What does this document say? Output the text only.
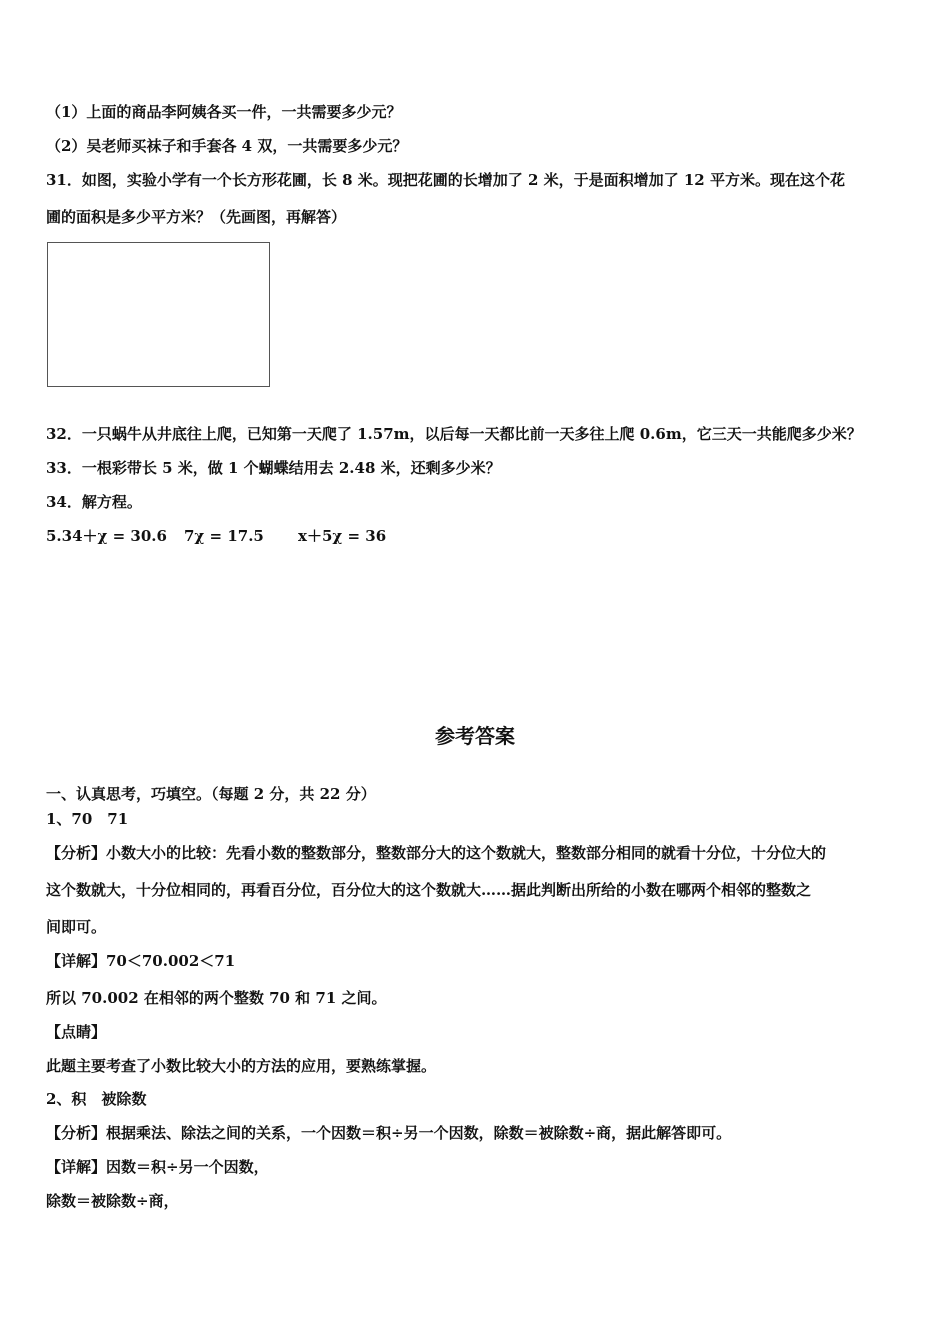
（1）上面的商品李阿姨各买一件，一共需要多少元？
（2）吴老师买袜子和手套各 4 双，一共需要多少元？
31．如图，实验小学有一个长方形花圃，长 8 米。现把花圃的长增加了 2 米，于是面积增加了 12 平方米。现在这个花
圃的面积是多少平方米？（先画图，再解答）
32．一只蜗牛从井底往上爬，已知第一天爬了 1.57m，以后每一天都比前一天多往上爬 0.6m，它三天一共能爬多少米？
33．一根彩带长 5 米，做 1 个蝴蝶结用去 2.48 米，还剩多少米？
34．解方程。
5.34＋χ = 30.6 7χ = 17.5 x＋5χ = 36
参考答案
一、认真思考，巧填空。（每题 2 分，共 22 分）
1、70　71
【分析】小数大小的比较：先看小数的整数部分，整数部分大的这个数就大，整数部分相同的就看十分位，十分位大的
这个数就大，十分位相同的，再看百分位，百分位大的这个数就大……据此判断出所给的小数在哪两个相邻的整数之
间即可。
【详解】70＜70.002＜71
所以 70.002 在相邻的两个整数 70 和 71 之间。
【点睛】
此题主要考查了小数比较大小的方法的应用，要熟练掌握。
2、积　被除数
【分析】根据乘法、除法之间的关系，一个因数＝积÷另一个因数，除数＝被除数÷商，据此解答即可。
【详解】因数＝积÷另一个因数，
除数＝被除数÷商，
